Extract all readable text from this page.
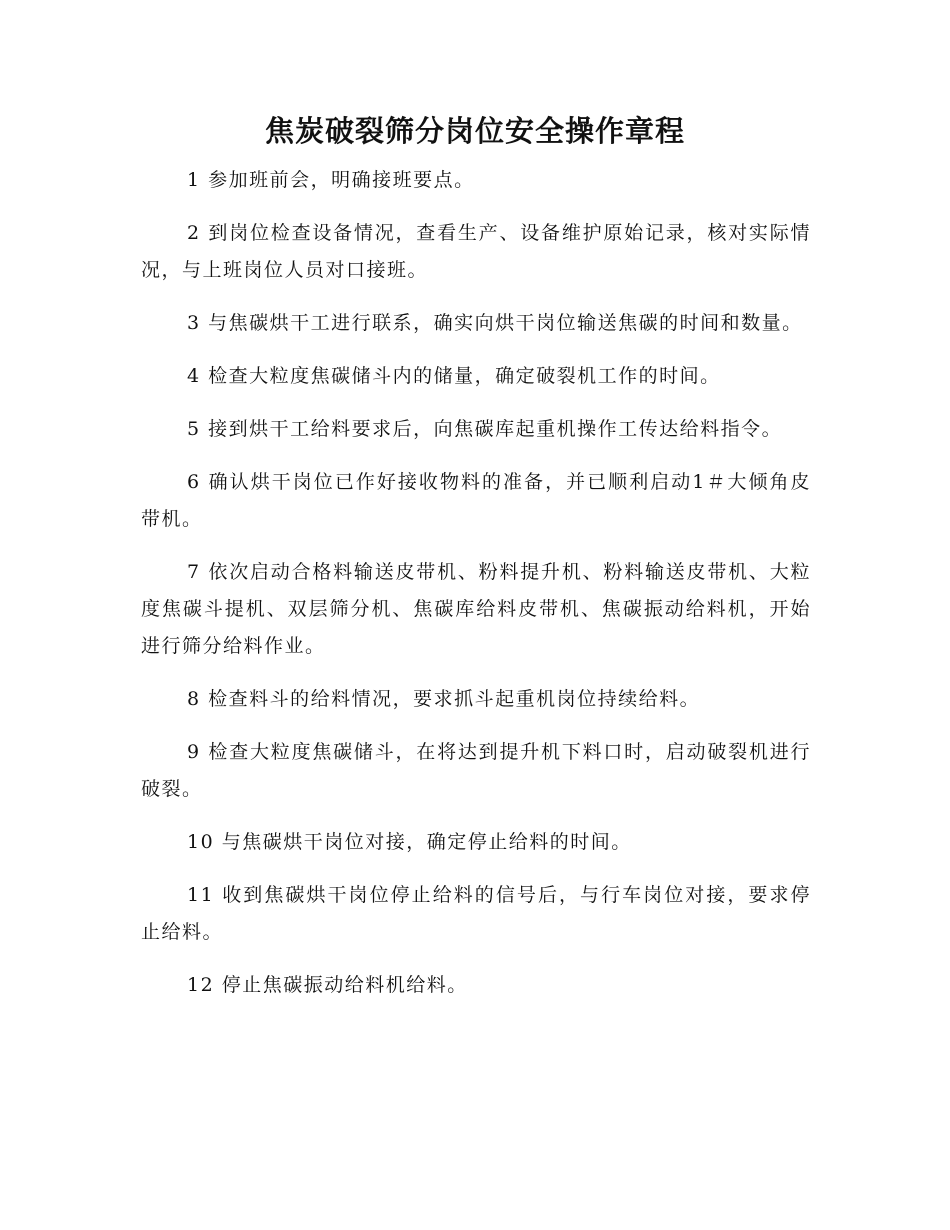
焦炭破裂筛分岗位安全操作章程

1 参加班前会，明确接班要点。

2 到岗位检查设备情况，查看生产、设备维护原始记录，核对实际情况，与上班岗位人员对口接班。

3 与焦碳烘干工进行联系，确实向烘干岗位输送焦碳的时间和数量。

4 检查大粒度焦碳储斗内的储量，确定破裂机工作的时间。

5 接到烘干工给料要求后，向焦碳库起重机操作工传达给料指令。

6 确认烘干岗位已作好接收物料的准备，并已顺利启动1＃大倾角皮带机。

7 依次启动合格料输送皮带机、粉料提升机、粉料输送皮带机、大粒度焦碳斗提机、双层筛分机、焦碳库给料皮带机、焦碳振动给料机，开始进行筛分给料作业。

8 检查料斗的给料情况，要求抓斗起重机岗位持续给料。

9 检查大粒度焦碳储斗，在将达到提升机下料口时，启动破裂机进行破裂。

10 与焦碳烘干岗位对接，确定停止给料的时间。

11 收到焦碳烘干岗位停止给料的信号后，与行车岗位对接，要求停止给料。

12 停止焦碳振动给料机给料。
